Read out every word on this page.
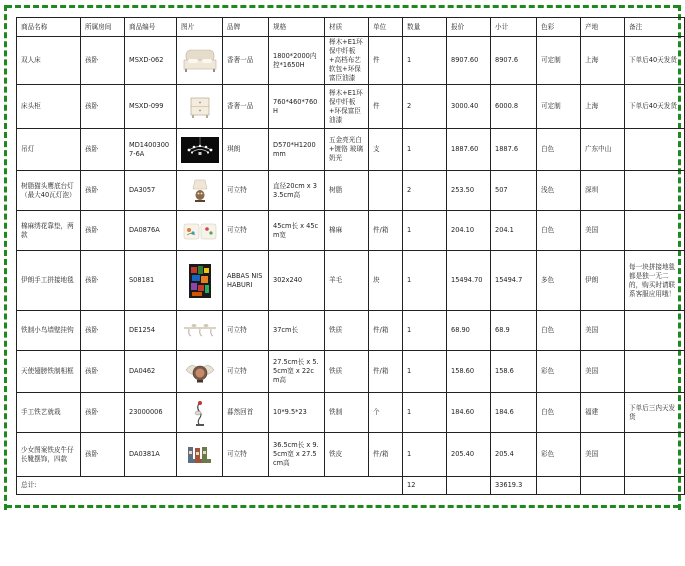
商品名称	所属房间	商品编号	图片	品牌	规格	材质	单位	数量	报价	小计	色彩	产地	备注
双人床	孩卧	MSXD-062		香奢一品	1800*2000内控*1650H	榉木+E1环保中纤板+高档布艺软包+环保富臣油漆	件	1	8907.60	8907.6	可定制	上海	下单后40天发货
床头柜	孩卧	MSXD-099		香奢一品	760*460*760H	榉木+E1环保中纤板+环保富臣油漆	件	2	3000.40	6000.8	可定制	上海	下单后40天发货
吊灯	孩卧	MD14003007-6A		琪朗	D570*H1200mm	五金亮光白+镀铬 玻璃奶光	支	1	1887.60	1887.6	白色	广东中山	
树脂猫头鹰底台灯（最大40瓦灯泡）	孩卧	DA3057		可立特	直径20cm x 33.5cm高	树脂		2	253.50	507	浅色	深圳	
棉麻绣花靠垫，两款	孩卧	DA0876A		可立特	45cm长 x 45cm宽	棉麻	件/箱	1	204.10	204.1	白色	美国	
伊朗手工拼接地毯	孩卧	S08181		ABBAS NISHABURI	302x240	羊毛	块	1	15494.70	15494.7	多色	伊朗	每一块拼接地毯都是独一无二的，购买时请联系客服应用哦！
铁制小鸟墙壁挂钩	孩卧	DE1254		可立特	37cm长	铁质	件/箱	1	68.90	68.9	白色	美国	
天使翅膀铁制相框	孩卧	DA0462		可立特	27.5cm长 x 5.5cm宽 x 22cm高	铁质	件/箱	1	158.60	158.6	彩色	美国	
手工铁艺就栽	孩卧	23000006		暮然回首	10*9.5*23	铁制	个	1	184.60	184.6	白色	福建	下单后三内天发货
少女图案铁皮牛仔长靴摆饰，四款	孩卧	DA0381A		可立特	36.5cm长 x 9.5cm宽 x 27.5cm高	铁皮	件/箱	1	205.40	205.4	彩色	美国	
总计:								12		33619.3			
